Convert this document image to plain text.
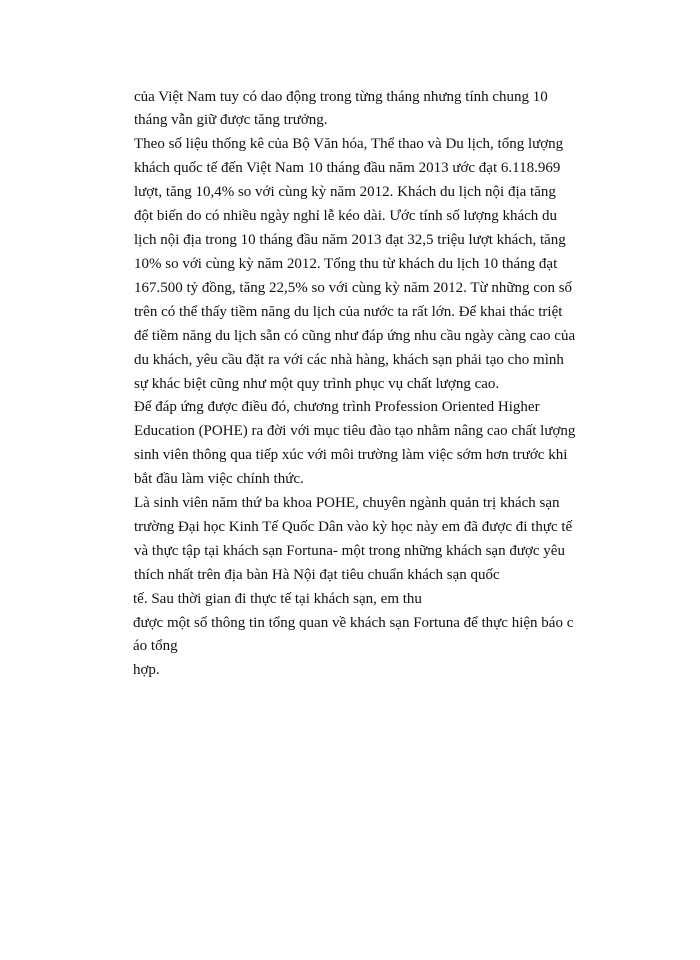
của Việt Nam tuy có dao động trong từng tháng nhưng tính chung 10
tháng vẫn giữ được tăng trưởng.
Theo số liệu thống kê của Bộ Văn hóa, Thể thao và Du lịch, tổng lượng
khách quốc tế đến Việt Nam 10 tháng đầu năm 2013 ước đạt 6.118.969
lượt, tăng 10,4% so với cùng kỳ năm 2012. Khách du lịch nội địa tăng
đột biến do có nhiều ngày nghỉ lễ kéo dài. Ước tính số lượng khách du
lịch nội địa trong 10 tháng đầu năm 2013 đạt 32,5 triệu lượt khách, tăng
10% so với cùng kỳ năm 2012. Tổng thu từ khách du lịch 10 tháng đạt
167.500 tỷ đồng, tăng 22,5% so với cùng kỳ năm 2012. Từ những con số
trên có thể thấy tiềm năng du lịch của nước ta rất lớn. Để khai thác triệt
để tiềm năng du lịch sẵn có cũng như đáp ứng nhu cầu ngày càng cao của
du khách, yêu cầu đặt ra với các nhà hàng, khách sạn phải tạo cho mình
sự khác biệt cũng như một quy trình phục vụ chất lượng cao.
Để đáp ứng được điều đó, chương trình Profession Oriented Higher
Education (POHE) ra đời với mục tiêu đào tạo nhằm nâng cao chất lượng
sinh viên thông qua tiếp xúc với môi trường làm việc sớm hơn trước khi
bắt đầu làm việc chính thức.
Là sinh viên năm thứ ba khoa POHE, chuyên ngành quản trị khách sạn
trường Đại học Kinh Tế Quốc Dân vào kỳ học này em đã được đi thực tế
và thực tập tại khách sạn Fortuna- một trong những khách sạn được yêu
thích nhất trên địa bàn Hà Nội đạt tiêu chuẩn khách sạn quốc
tế. Sau thời gian đi thực tế tại khách sạn, em thu
được một số thông tin tổng quan về khách sạn Fortuna để thực hiện báo c
áo tổng
hợp.
